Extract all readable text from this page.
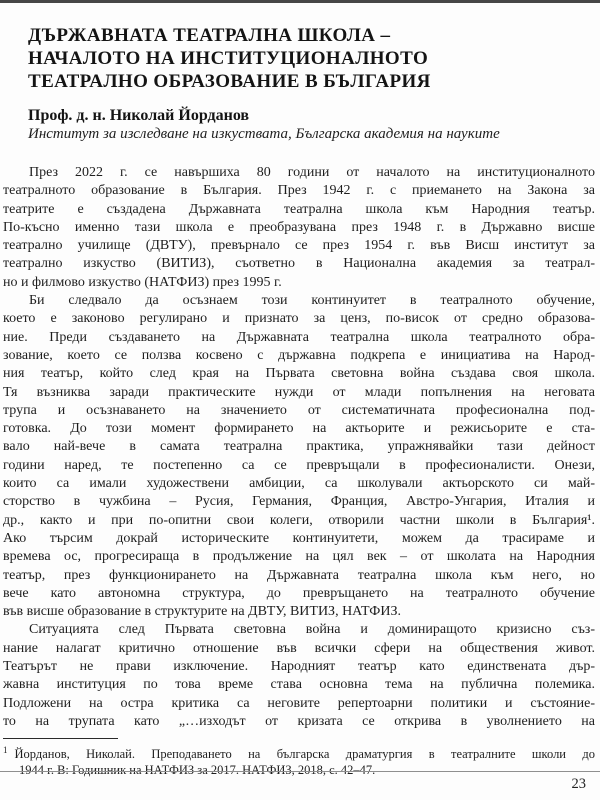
ДЪРЖАВНАТА ТЕАТРАЛНА ШКОЛА –
НАЧАЛОТО НА ИНСТИТУЦИОНАЛНОТО
ТЕАТРАЛНО ОБРАЗОВАНИЕ В БЪЛГАРИЯ
Проф. д. н. Николай Йорданов
Институт за изследване на изкуствата, Българска академия на науките
През 2022 г. се навършиха 80 години от началото на институционалното
театралното образование в България. През 1942 г. с приемането на Закона за
театрите е създадена Държавната театрална школа към Народния театър.
По-късно именно тази школа е преобразувана през 1948 г. в Държавно висше
театрално училище (ДВТУ), превърнало се през 1954 г. във Висш институт за
театрално изкуство (ВИТИЗ), съответно в Национална академия за театрал-
но и филмово изкуство (НАТФИЗ) през 1995 г.
Би следвало да осъзнаем този континуитет в театралното обучение,
което е законово регулирано и признато за ценз, по-висок от средно образова-
ние. Преди създаването на Държавната театрална школа театралното обра-
зование, което се ползва косвено с държавна подкрепа е инициатива на Народ-
ния театър, който след края на Първата световна война създава своя школа.
Тя възниква заради практическите нужди от млади попълнения на неговата
трупа и осъзнаването на значението от систематичната професионална под-
готовка. До този момент формирането на актьорите и режисьорите е ста-
вало най-вече в самата театрална практика, упражнявайки тази дейност
години наред, те постепенно са се превръщали в професионалисти. Онези,
които са имали художествени амбиции, са школували актьорското си май-
сторство в чужбина – Русия, Германия, Франция, Австро-Унгария, Италия и
др., както и при по-опитни свои колеги, отворили частни школи в България¹.
Ако търсим докрай историческите континуитети, можем да трасираме и
времева ос, прогресираща в продължение на цял век – от школата на Народния
театър, през функционирането на Държавната театрална школа към него, но
вече като автономна структура, до превръщането на театралното обучение
във висше образование в структурите на ДВТУ, ВИТИЗ, НАТФИЗ.
Ситуацията след Първата световна война и доминиращото кризисно съз-
нание налагат критично отношение във всички сфери на обществения живот.
Театърът не прави изключение. Народният театър като единствената дър-
жавна институция по това време става основна тема на публична полемика.
Подложени на остра критика са неговите репертоарни политики и състояние-
то на трупата като „…изходът от кризата се открива в уволнението на
$^1$ Йорданов, Николай. Преподаването на българска драматургия в театралните школи до
1944 г. В: Годишник на НАТФИЗ за 2017. НАТФИЗ, 2018, с. 42–47.
23
